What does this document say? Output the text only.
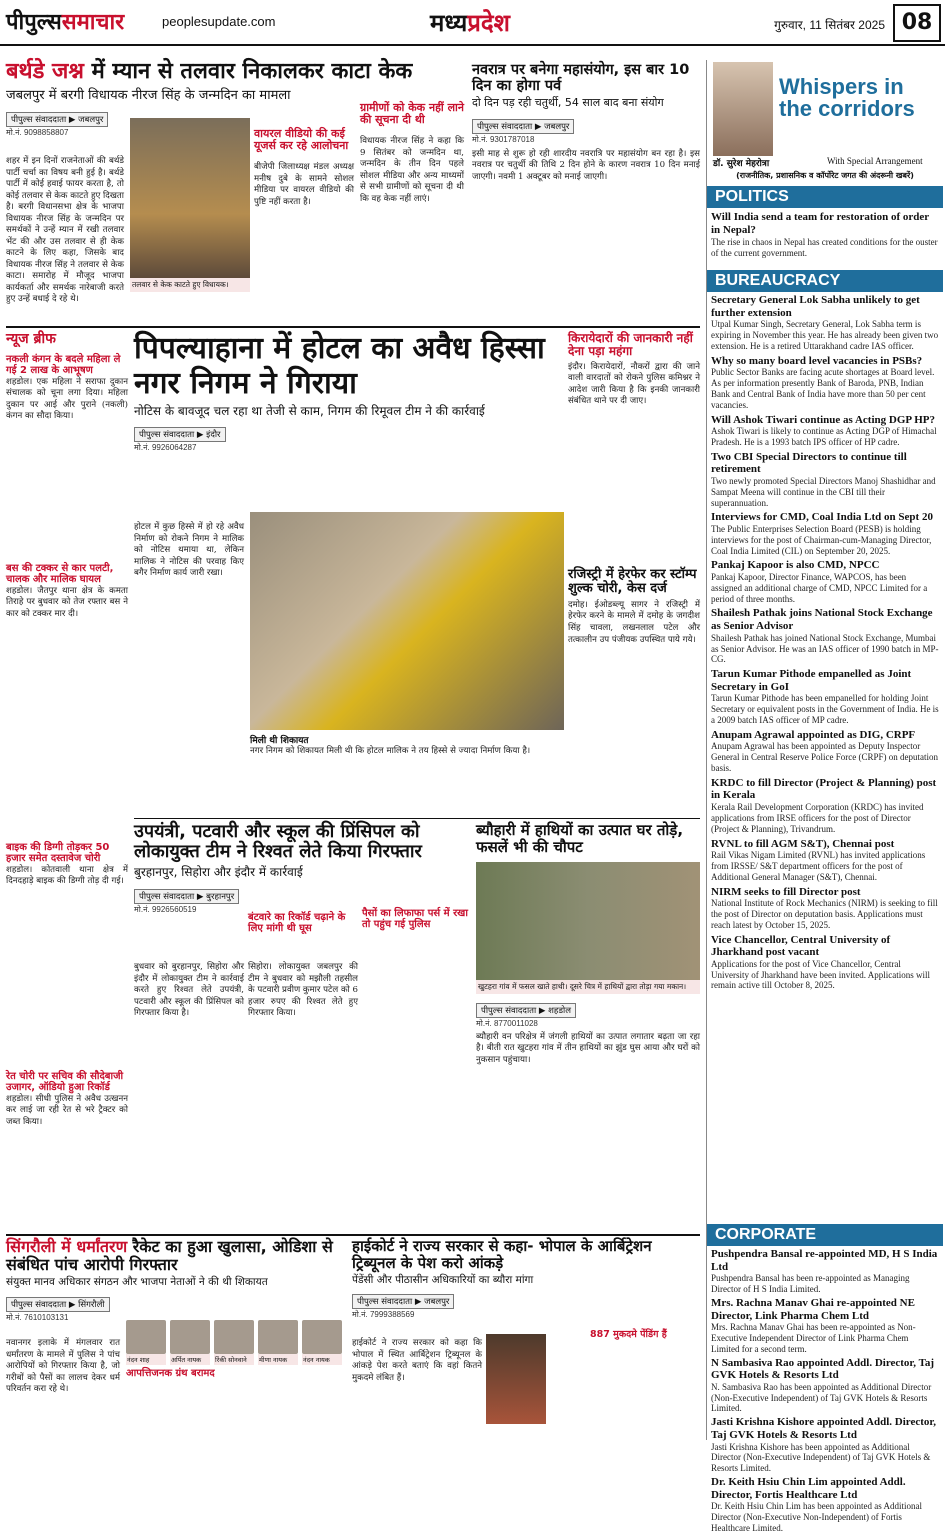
पीपुल्ससमाचार	peoplesupdate.com	मध्यप्रदेश	गुरुवार, 11 सितंबर 2025 08
बर्थडे जश्न में म्यान से तलवार निकालकर काटा केक
जबलपुर में बरगी विधायक नीरज सिंह के जन्मदिन का मामला
पीपुल्स संवाददाता ▶ जबलपुर
मो.नं. 9098858807
शहर में इन दिनों राजनेताओं की बर्थडे पार्टी चर्चा का विषय बनी हुई है। बर्थडे पार्टी में कोई हवाई फायर करता है, तो कोई तलवार से केक काटते हुए दिखता है। बरगी विधानसभा क्षेत्र के भाजपा विधायक नीरज सिंह के जन्मदिन पर समर्थकों ने उन्हें म्यान में रखी तलवार भेंट की और उस तलवार से ही केक काटने के लिए कहा, जिसके बाद विधायक नीरज सिंह ने तलवार से केक काटा। समारोह में मौजूद भाजपा कार्यकर्ता और समर्थक नारेबाजी करते हुए उन्हें बधाई दे रहे थे।
तलवार से केक काटते हुए विधायक।
वायरल वीडियो की कई यूजर्स कर रहे आलोचना
बीजेपी जिलाध्यक्ष मंडल अध्यक्ष मनीष दुबे के सामने सोशल मीडिया पर वायरल वीडियो की पुष्टि नहीं करता है।
ग्रामीणों को केक नहीं लाने की सूचना दी थी
विधायक नीरज सिंह ने कहा कि 9 सितंबर को जन्मदिन था, जन्मदिन के तीन दिन पहले सोशल मीडिया और अन्य माध्यमों से सभी ग्रामीणों को सूचना दी थी कि वह केक नहीं लाएं।
नवरात्र पर बनेगा महासंयोग, इस बार 10 दिन का होगा पर्व
दो दिन पड़ रही चतुर्थी, 54 साल बाद बना संयोग
पीपुल्स संवाददाता ▶ जबलपुर
मो.नं. 9301787018
इसी माह से शुरू हो रही शारदीय नवरात्रि पर महासंयोग बन रहा है। इस नवरात्र पर चतुर्थी की तिथि 2 दिन होने के कारण नवरात्र 10 दिन मनाई जाएगी। नवमी 1 अक्टूबर को मनाई जाएगी।
न्यूज ब्रीफ
नकली कंगन के बदले महिला ले गई 2 लाख के आभूषण
शहडोल। एक महिला ने सराफा दुकान संचालक को चूना लगा दिया। महिला दुकान पर आई और पुराने (नकली) कंगन का सौदा किया।
बस की टक्कर से कार पलटी, चालक और मालिक घायल
शहडोल। जैतपुर थाना क्षेत्र के कमता तिराहे पर बुधवार को तेज रफ्तार बस ने कार को टक्कर मार दी।
बाइक की डिग्गी तोड़कर 50 हजार समेत दस्तावेज चोरी
शहडोल। कोतवाली थाना क्षेत्र में दिनदहाड़े बाइक की डिग्गी तोड़ दी गई।
रेत चोरी पर सचिव की सौदेबाजी उजागर, ऑडियो हुआ रिकॉर्ड
शहडोल। सीधी पुलिस ने अवैध उत्खनन कर लाई जा रही रेत से भरे ट्रैक्टर को जब्त किया।
पिपल्याहाना में होटल का अवैध हिस्सा नगर निगम ने गिराया
नोटिस के बावजूद चल रहा था तेजी से काम, निगम की रिमूवल टीम ने की कार्रवाई
पीपुल्स संवाददाता ▶ इंदौर
मो.नं. 9926064287
होटल में कुछ हिस्से में हो रहे अवैध निर्माण को रोकने निगम ने मालिक को नोटिस थमाया था, लेकिन मालिक ने नोटिस की परवाह किए बगैर निर्माण कार्य जारी रखा।
मिली थी शिकायत
नगर निगम को शिकायत मिली थी कि होटल मालिक ने तय हिस्से से ज्यादा निर्माण किया है।
किरायेदारों की जानकारी नहीं देना पड़ा महंगा
इंदौर। किरायेदारों, नौकरों द्वारा की जाने वाली वारदातों को रोकने पुलिस कमिश्नर ने आदेश जारी किया है कि इनकी जानकारी संबंधित थाने पर दी जाए।
रजिस्ट्री में हेरफेर कर स्टॉम्प शुल्क चोरी, केस दर्ज
दमोह। ईओडब्ल्यू सागर ने रजिस्ट्री में हेरफेर करने के मामले में दमोह के जगदीश सिंह चावला, लखनलाल पटेल और तत्कालीन उप पंजीयक उपस्थित पाये गये।
उपयंत्री, पटवारी और स्कूल की प्रिंसिपल को लोकायुक्त टीम ने रिश्वत लेते किया गिरफ्तार
बुरहानपुर, सिहोरा और इंदौर में कार्रवाई
पीपुल्स संवाददाता ▶ बुरहानपुर
मो.नं. 9926560519
बुधवार को बुरहानपुर, सिहोरा और इंदौर में लोकायुक्त टीम ने कार्रवाई करते हुए रिश्वत लेते उपयंत्री, पटवारी और स्कूल की प्रिंसिपल को गिरफ्तार किया है।
बंटवारे का रिकॉर्ड चढ़ाने के लिए मांगी थी घूस
सिहोरा। लोकायुक्त जबलपुर की टीम ने बुधवार को मझौली तहसील के पटवारी प्रवीण कुमार पटेल को 6 हजार रुपए की रिश्वत लेते हुए गिरफ्तार किया।
पैसों का लिफाफा पर्स में रखा तो पहुंच गई पुलिस
ब्यौहारी में हाथियों का उत्पात घर तोड़े, फसलें भी की चौपट
खुटहरा गांव में फसल खाते हाथी। दूसरे चित्र में हाथियों द्वारा तोड़ा गया मकान।
पीपुल्स संवाददाता ▶ शहडोल
मो.नं. 8770011028
ब्यौहारी वन परिक्षेत्र में जंगली हाथियों का उत्पात लगातार बढ़ता जा रहा है। बीती रात खुटहरा गांव में तीन हाथियों का झुंड घुस आया और घरों को नुकसान पहुंचाया।
सिंगरौली में धर्मांतरण रैकेट का हुआ खुलासा, ओडिशा से संबंधित पांच आरोपी गिरफ्तार
संयुक्त मानव अधिकार संगठन और भाजपा नेताओं ने की थी शिकायत
पीपुल्स संवाददाता ▶ सिंगरौली
मो.नं. 7610103131
नंदन शाह	अर्पित नायक	रिंकी सोनवाने	मीणा नायक	नंदन नायक
नवानगर इलाके में मंगलवार रात धर्मांतरण के मामले में पुलिस ने पांच आरोपियों को गिरफ्तार किया है, जो गरीबों को पैसों का लालच देकर धर्म परिवर्तन करा रहे थे।
आपत्तिजनक ग्रंथ बरामद
हाईकोर्ट ने राज्य सरकार से कहा- भोपाल के आर्बिट्रेशन ट्रिब्यूनल के पेश करो आंकड़े
पेंडेंसी और पीठासीन अधिकारियों का ब्यौरा मांगा
पीपुल्स संवाददाता ▶ जबलपुर
मो.नं. 7999388569
हाईकोर्ट ने राज्य सरकार को कहा कि भोपाल में स्थित आर्बिट्रेशन ट्रिब्यूनल के आंकड़े पेश करते बताएं कि वहां कितने मुकदमे लंबित हैं।
887 मुकदमे पेंडिंग हैं
Whispers in the corridors
डॉ. सुरेश मेहरोत्रा	With Special Arrangement
(राजनीतिक, प्रशासनिक व कॉर्पोरेट जगत की अंदरूनी खबरें)
POLITICS
Will India send a team for restoration of order in Nepal?
The rise in chaos in Nepal has created conditions for the ouster of the current government.
BUREAUCRACY
Secretary General Lok Sabha unlikely to get further extension
Utpal Kumar Singh, Secretary General, Lok Sabha term is expiring in November this year. He has already been given two extension. He is a retired Uttarakhand cadre IAS officer.
Why so many board level vacancies in PSBs?
Public Sector Banks are facing acute shortages at Board level. As per information presently Bank of Baroda, PNB, Indian Bank and Central Bank of India have more than 50 per cent vacancies.
Will Ashok Tiwari continue as Acting DGP HP?
Ashok Tiwari is likely to continue as Acting DGP of Himachal Pradesh. He is a 1993 batch IPS officer of HP cadre.
Two CBI Special Directors to continue till retirement
Two newly promoted Special Directors Manoj Shashidhar and Sampat Meena will continue in the CBI till their superannuation.
Interviews for CMD, Coal India Ltd on Sept 20
The Public Enterprises Selection Board (PESB) is holding interviews for the post of Chairman-cum-Managing Director, Coal India Limited (CIL) on September 20, 2025.
Pankaj Kapoor is also CMD, NPCC
Pankaj Kapoor, Director Finance, WAPCOS, has been assigned an additional charge of CMD, NPCC Limited for a period of three months.
Shailesh Pathak joins National Stock Exchange as Senior Advisor
Shailesh Pathak has joined National Stock Exchange, Mumbai as Senior Advisor. He was an IAS officer of 1990 batch in MP-CG.
Tarun Kumar Pithode empanelled as Joint Secretary in GoI
Tarun Kumar Pithode has been empanelled for holding Joint Secretary or equivalent posts in the Government of India. He is a 2009 batch IAS officer of MP cadre.
Anupam Agrawal appointed as DIG, CRPF
Anupam Agrawal has been appointed as Deputy Inspector General in Central Reserve Police Force (CRPF) on deputation basis.
KRDC to fill Director (Project & Planning) post in Kerala
Kerala Rail Development Corporation (KRDC) has invited applications from IRSE officers for the post of Director (Project & Planning), Trivandrum.
RVNL to fill AGM S&T), Chennai post
Rail Vikas Nigam Limited (RVNL) has invited applications from IRSSE/ S&T department officers for the post of Additional General Manager (S&T), Chennai.
NIRM seeks to fill Director post
National Institute of Rock Mechanics (NIRM) is seeking to fill the post of Director on deputation basis. Applications must reach latest by October 15, 2025.
Vice Chancellor, Central University of Jharkhand post vacant
Applications for the post of Vice Chancellor, Central University of Jharkhand have been invited. Applications will remain active till October 8, 2025.
CORPORATE
Pushpendra Bansal re-appointed MD, H S India Ltd
Pushpendra Bansal has been re-appointed as Managing Director of H S India Limited.
Mrs. Rachna Manav Ghai re-appointed NE Director, Link Pharma Chem Ltd
Mrs. Rachna Manav Ghai has been re-appointed as Non-Executive Independent Director of Link Pharma Chem Limited for a second term.
N Sambasiva Rao appointed Addl. Director, Taj GVK Hotels & Resorts Ltd
N. Sambasiva Rao has been appointed as Additional Director (Non-Executive Independent) of Taj GVK Hotels & Resorts Limited.
Jasti Krishna Kishore appointed Addl. Director, Taj GVK Hotels & Resorts Ltd
Jasti Krishna Kishore has been appointed as Additional Director (Non-Executive Independent) of Taj GVK Hotels & Resorts Limited.
Dr. Keith Hsiu Chin Lim appointed Addl. Director, Fortis Healthcare Ltd
Dr. Keith Hsiu Chin Lim has been appointed as Additional Director (Non-Executive Non-Independent) of Fortis Healthcare Limited.
